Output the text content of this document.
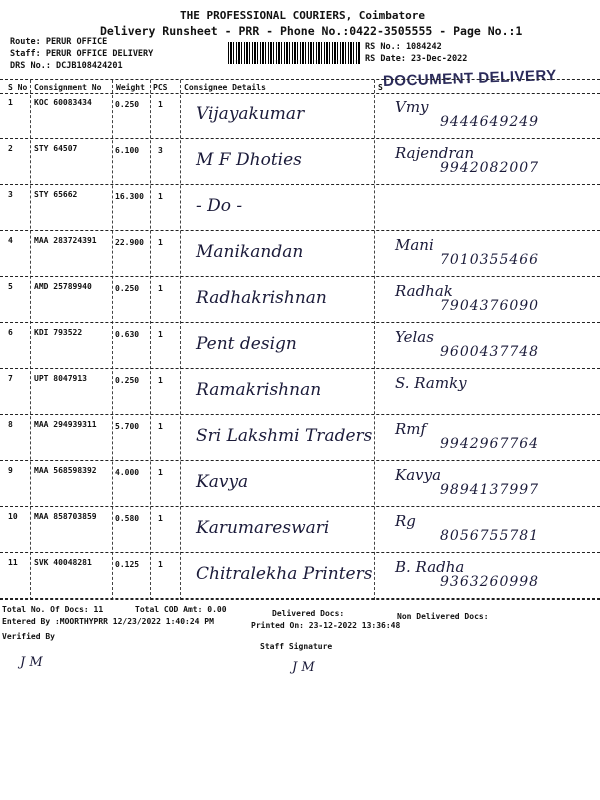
THE PROFESSIONAL COURIERS, Coimbatore
Delivery Runsheet - PRR - Phone No.:0422-3505555 - Page No.:1
Route: PERUR OFFICE
Staff: PERUR OFFICE DELIVERY
DRS No.: DCJB108424201
RS No.: 1084242
RS Date: 23-Dec-2022
DOCUMENT DELIVERY
S No Consignment No Weight PCS Consignee Details	S
1	KOC 60083434	0.250 1 Vijayakumar	Vmy
9444649249
2	STY 64507	6.100 3 M F Dhoties	Rajendran
9942082007
3	STY 65662	16.300 1 - Do -
4	MAA 283724391 22.900 1 Manikandan	Mani
7010355466
5	AMD 25789940	0.250 1 Radhakrishnan	Radhak
7904376090
6	KDI 793522	0.630 1 Pent design	Yelas
9600437748
7	UPT 8047913	0.250 1 Ramakrishnan	S. Ramky
8	MAA 294939311 5.700 1 Sri Lakshmi Traders Rmf
9942967764
9	MAA 568598392 4.000 1 Kavya	Kavya
9894137997
10 MAA 858703859 0.580 1 Karumareswari	Rg
8056755781
11 SVK 40048281	0.125 1 Chitralekha Printers B. Radha
9363260998
Total No. Of Docs: 11	Total COD Amt: 0.00	Delivered Docs:	Non Delivered Docs:
Entered By :MOORTHYPRR 12/23/2022 1:40:24 PM	Printed On: 23-12-2022 13:36:48
Verified By
Staff Signature
J M	J M
